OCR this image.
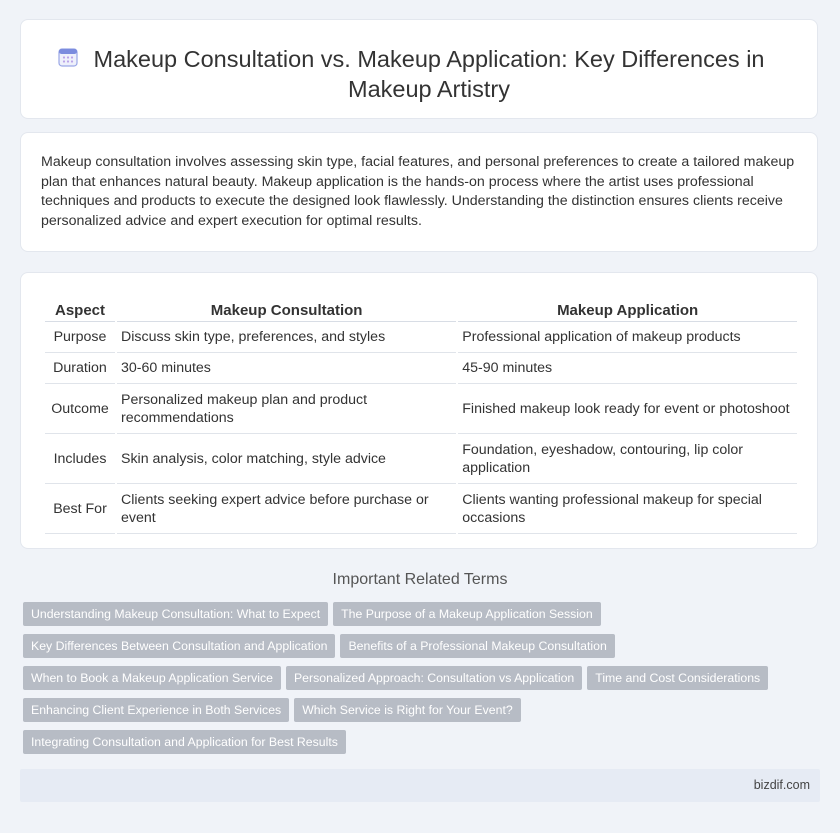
Makeup Consultation vs. Makeup Application: Key Differences in Makeup Artistry

Makeup consultation involves assessing skin type, facial features, and personal preferences to create a tailored makeup plan that enhances natural beauty. Makeup application is the hands-on process where the artist uses professional techniques and products to execute the designed look flawlessly. Understanding the distinction ensures clients receive personalized advice and expert execution for optimal results.

Aspect	Makeup Consultation	Makeup Application
Purpose	Discuss skin type, preferences, and styles	Professional application of makeup products
Duration	30-60 minutes	45-90 minutes
Outcome	Personalized makeup plan and product recommendations	Finished makeup look ready for event or photoshoot
Includes	Skin analysis, color matching, style advice	Foundation, eyeshadow, contouring, lip color application
Best For	Clients seeking expert advice before purchase or event	Clients wanting professional makeup for special occasions
Important Related Terms
Understanding Makeup Consultation: What to Expect The Purpose of a Makeup Application Session
Key Differences Between Consultation and Application Benefits of a Professional Makeup Consultation
When to Book a Makeup Application Service Personalized Approach: Consultation vs Application Time and Cost Considerations
Enhancing Client Experience in Both Services Which Service is Right for Your Event?
Integrating Consultation and Application for Best Results
bizdif.com
